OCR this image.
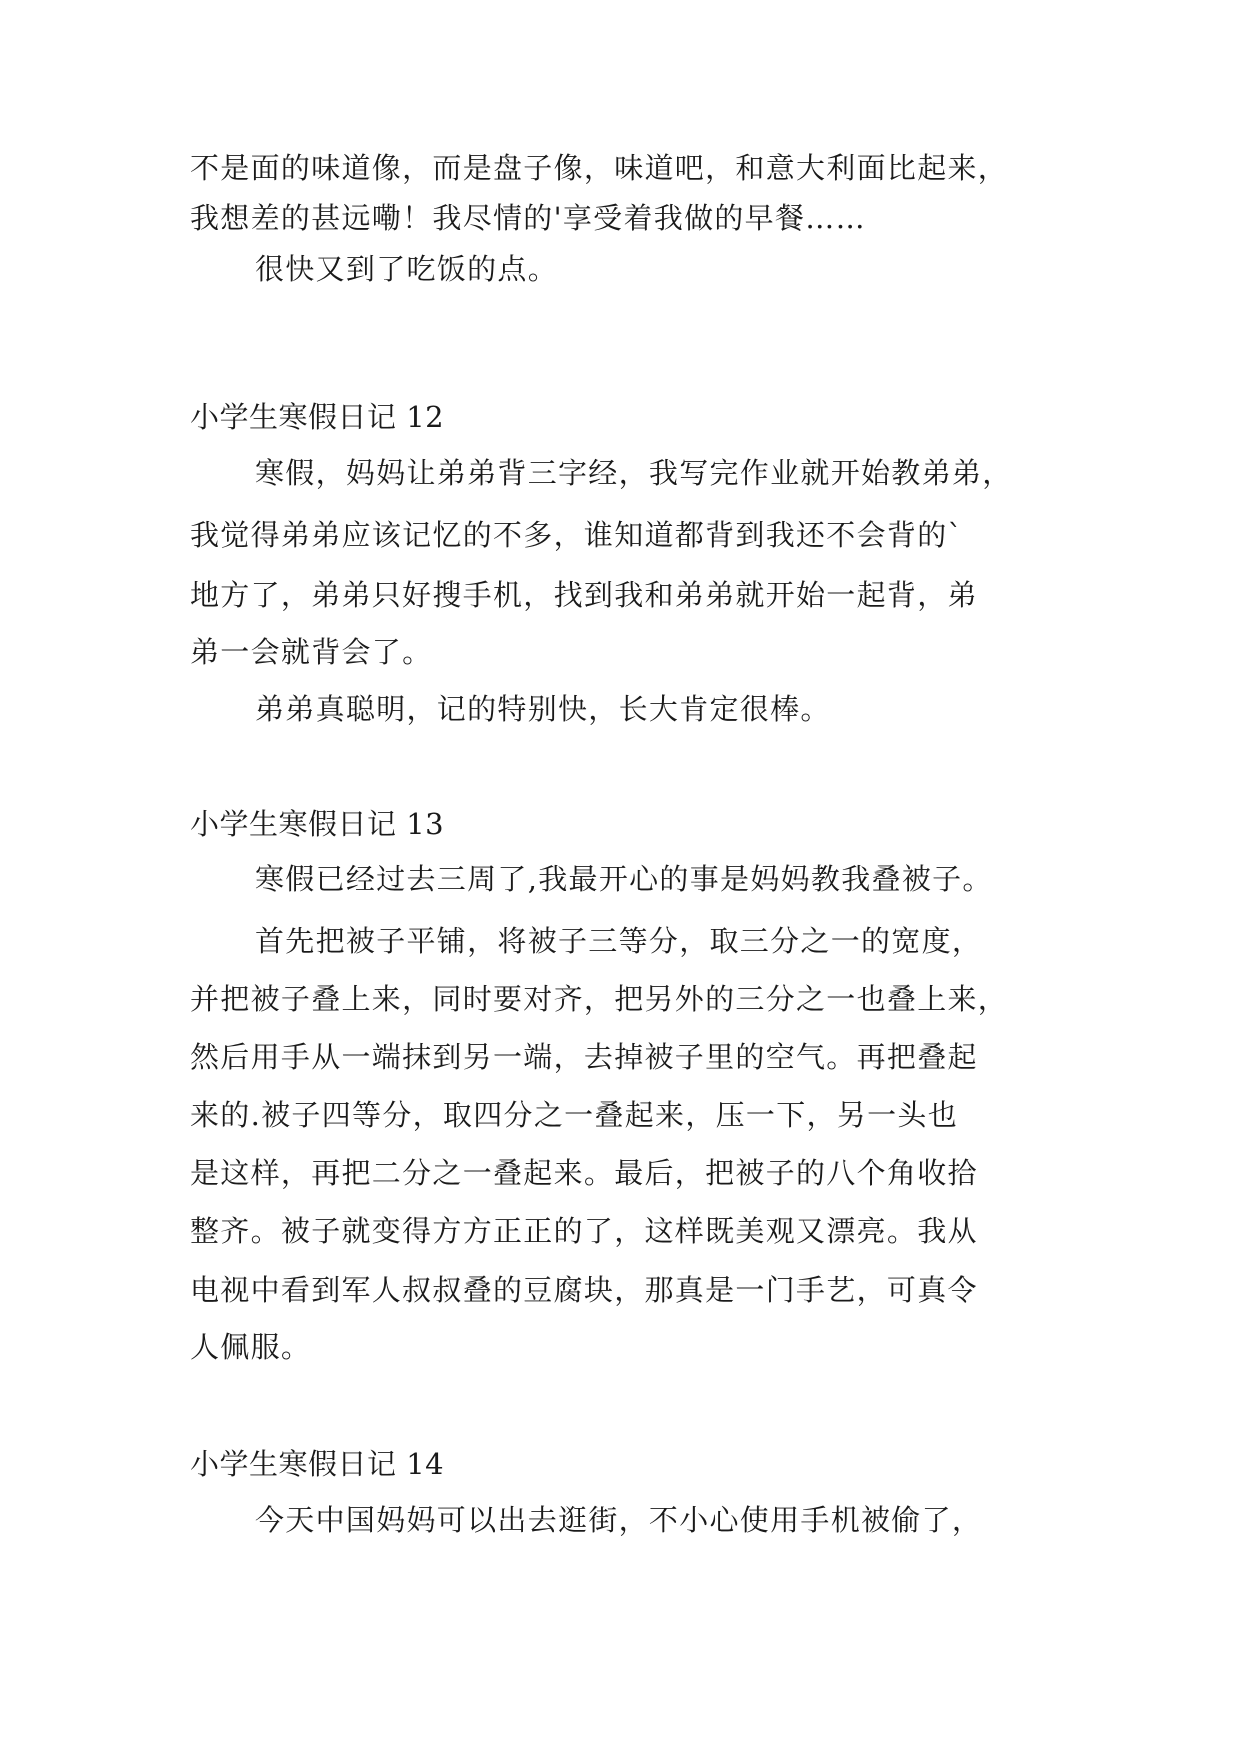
不是面的味道像，而是盘子像，味道吧，和意大利面比起来，
我想差的甚远嘞！我尽情的'享受着我做的早餐……
很快又到了吃饭的点。
小学生寒假日记 12
寒假，妈妈让弟弟背三字经，我写完作业就开始教弟弟，
我觉得弟弟应该记忆的不多，谁知道都背到我还不会背的`
地方了，弟弟只好搜手机，找到我和弟弟就开始一起背，弟
弟一会就背会了。
弟弟真聪明，记的特别快，长大肯定很棒。
小学生寒假日记 13
寒假已经过去三周了,我最开心的事是妈妈教我叠被子。
首先把被子平铺，将被子三等分，取三分之一的宽度，
并把被子叠上来，同时要对齐，把另外的三分之一也叠上来，
然后用手从一端抹到另一端，去掉被子里的空气。再把叠起
来的.被子四等分，取四分之一叠起来，压一下，另一头也
是这样，再把二分之一叠起来。最后，把被子的八个角收拾
整齐。被子就变得方方正正的了，这样既美观又漂亮。我从
电视中看到军人叔叔叠的豆腐块，那真是一门手艺，可真令
人佩服。
小学生寒假日记 14
今天中国妈妈可以出去逛街，不小心使用手机被偷了，
